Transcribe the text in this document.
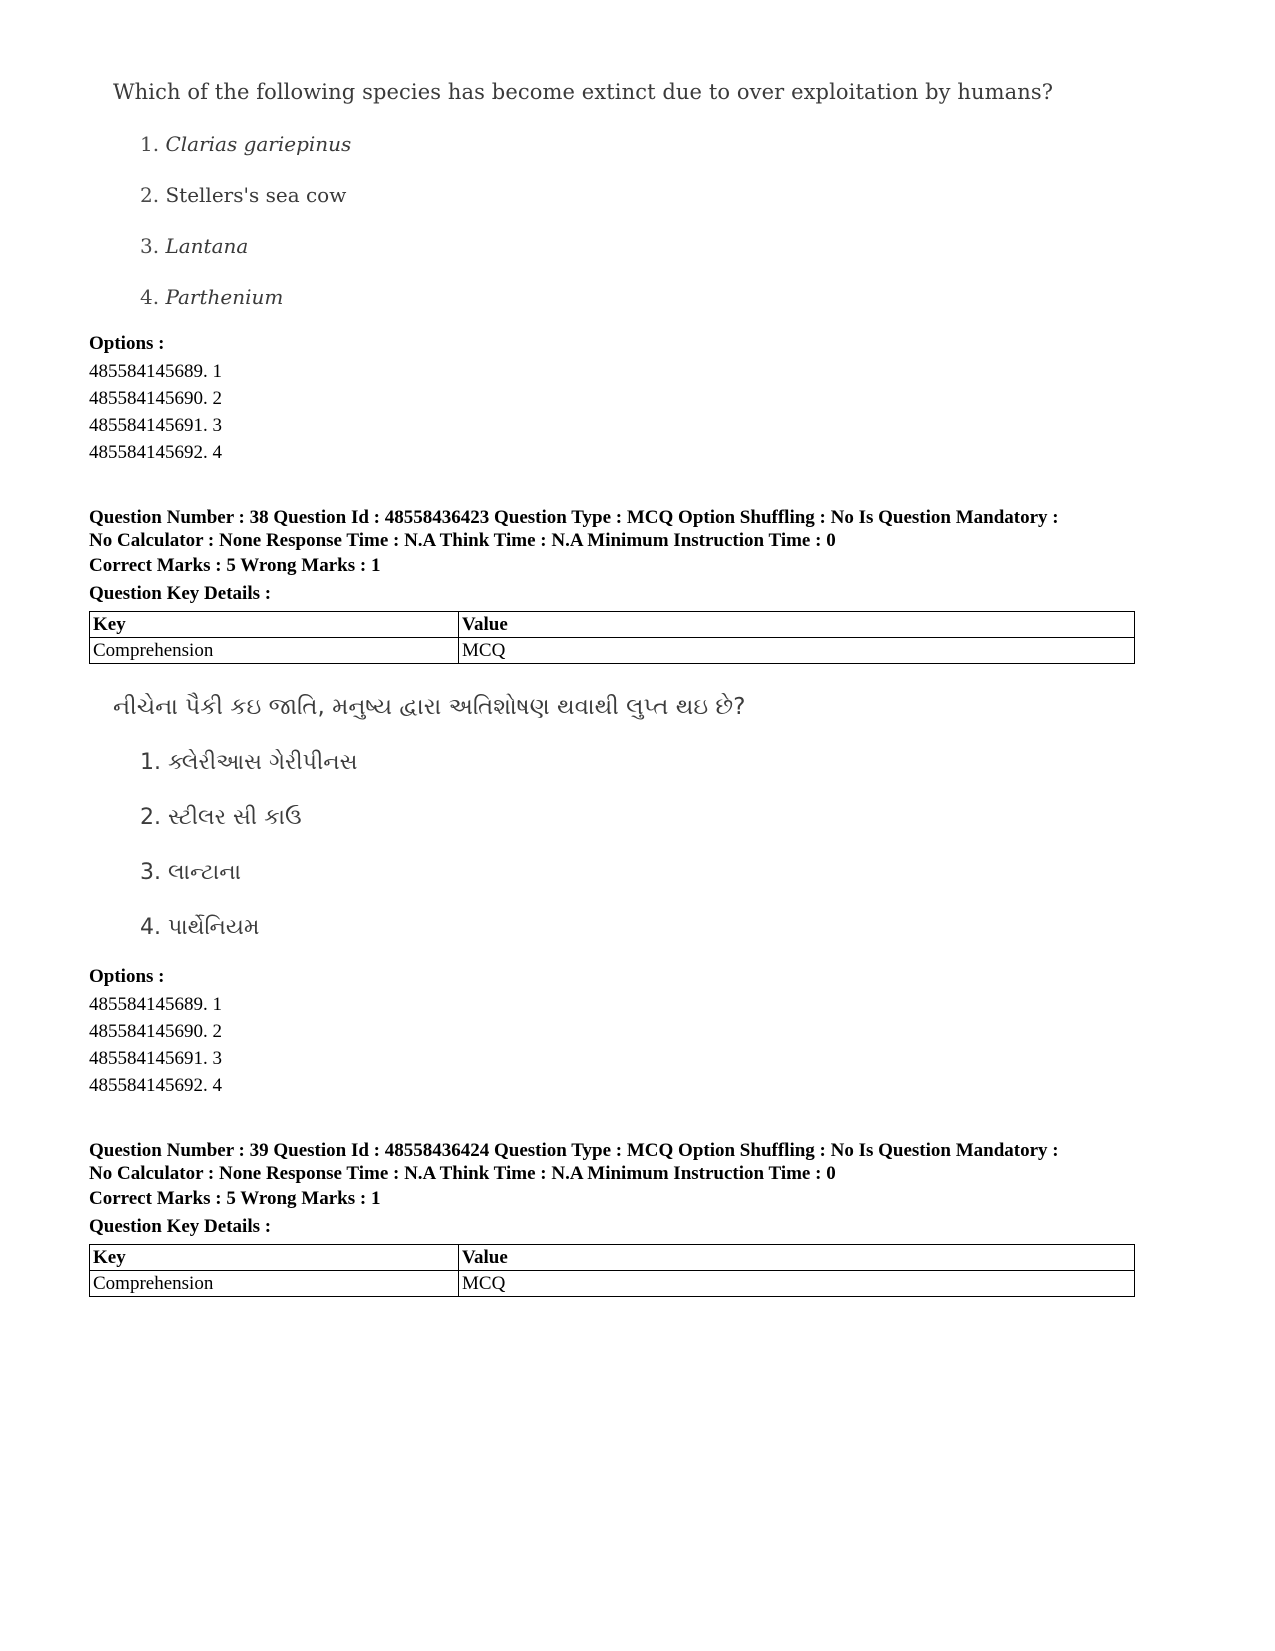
Which of the following species has become extinct due to over exploitation by humans?
1. Clarias gariepinus
2. Stellers's sea cow
3. Lantana
4. Parthenium
Options :
485584145689. 1
485584145690. 2
485584145691. 3
485584145692. 4
Question Number : 38 Question Id : 48558436423 Question Type : MCQ Option Shuffling : No Is Question Mandatory :
No Calculator : None Response Time : N.A Think Time : N.A Minimum Instruction Time : 0
Correct Marks : 5 Wrong Marks : 1
Question Key Details :
Key	Value
Comprehension	MCQ
નીચેના પૈકી કઇ જાતિ, મનુષ્ય દ્વારા અતિશોષણ થવાથી લુપ્ત થઇ છે?
1. ક્લેરીઆસ ગેરીપીનસ
2. સ્ટીલર સી કાઉ
3. લાન્ટાના
4. પાર્થેનિયમ
Options :
485584145689. 1
485584145690. 2
485584145691. 3
485584145692. 4
Question Number : 39 Question Id : 48558436424 Question Type : MCQ Option Shuffling : No Is Question Mandatory :
No Calculator : None Response Time : N.A Think Time : N.A Minimum Instruction Time : 0
Correct Marks : 5 Wrong Marks : 1
Question Key Details :
Key	Value
Comprehension	MCQ
